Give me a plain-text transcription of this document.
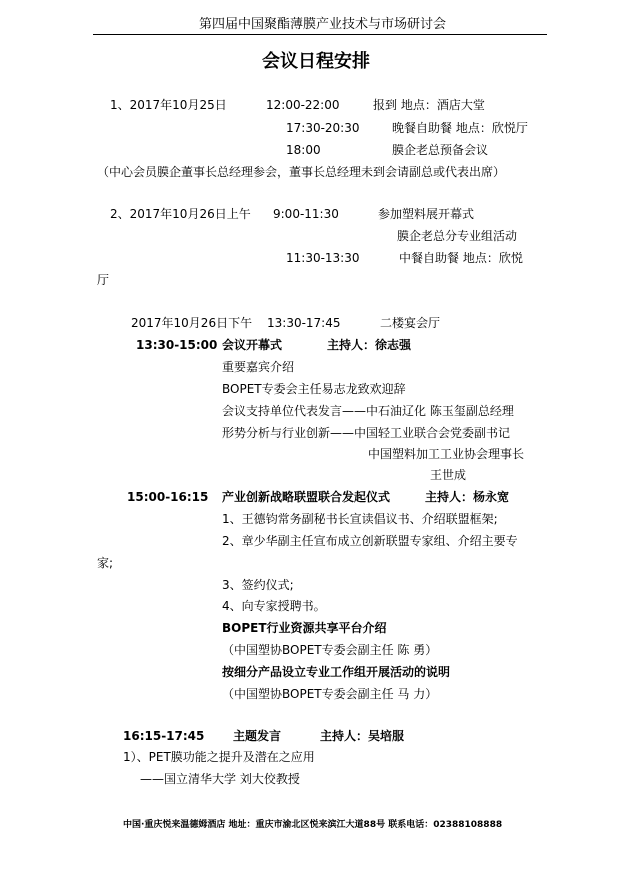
第四届中国聚酯薄膜产业技术与市场研讨会
会议日程安排
1、2017年10月25日	12:00-22:00	报到 地点：酒店大堂
17:30-20:30	晚餐自助餐 地点：欣悦厅
18:00	膜企老总预备会议
（中心会员膜企董事长总经理参会，董事长总经理未到会请副总或代表出席）
2、2017年10月26日上午 9:00-11:30	参加塑料展开幕式
膜企老总分专业组活动
11:30-13:30	中餐自助餐 地点：欣悦
厅
2017年10月26日下午 13:30-17:45	二楼宴会厅
13:30-15:00 会议开幕式	主持人：徐志强
重要嘉宾介绍
BOPET专委会主任易志龙致欢迎辞
会议支持单位代表发言——中石油辽化 陈玉玺副总经理
形势分析与行业创新——中国轻工业联合会党委副书记
中国塑料加工工业协会理事长
王世成
15:00-16:15 产业创新战略联盟联合发起仪式	主持人：杨永宽
1、王德钧常务副秘书长宣读倡议书、介绍联盟框架;
2、章少华副主任宣布成立创新联盟专家组、介绍主要专
家;
3、签约仪式;
4、向专家授聘书。
BOPET行业资源共享平台介绍
（中国塑协BOPET专委会副主任 陈 勇）
按细分产品设立专业工作组开展活动的说明
（中国塑协BOPET专委会副主任 马 力）
16:15-17:45 主题发言	主持人：吴培服
1）、PET膜功能之提升及潜在之应用
——国立清华大学 刘大佼教授
中国·重庆悦来温德姆酒店 地址：重庆市渝北区悦来滨江大道88号 联系电话：02388108888
